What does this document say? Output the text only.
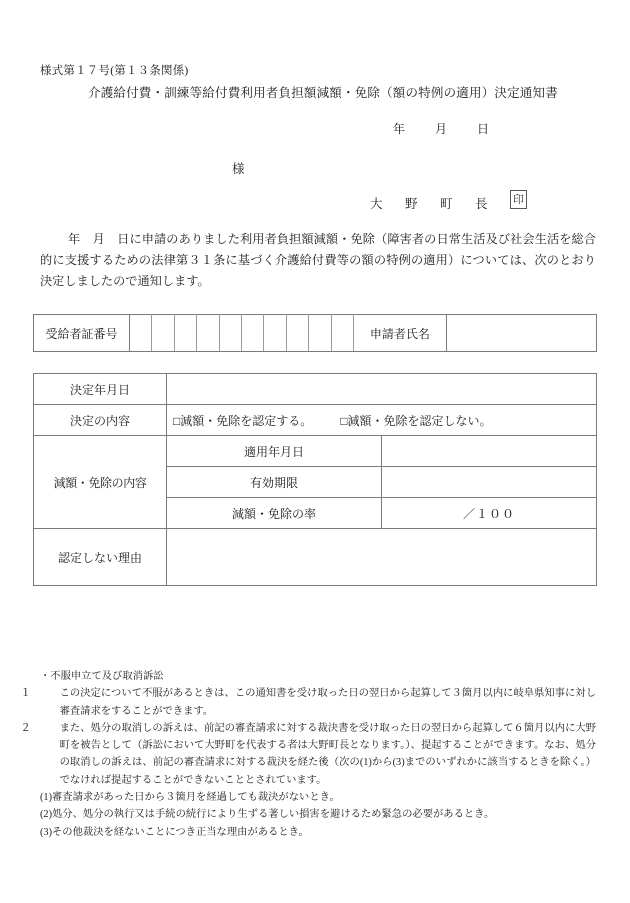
様式第１７号(第１３条関係)
介護給付費・訓練等給付費利用者負担額減額・免除（額の特例の適用）決定通知書
年	月	日
様
大　野　町　長 印
年　月　日に申請のありました利用者負担額減額・免除（障害者の日常生活及び社会生活を総合的に支援するための法律第３１条に基づく介護給付費等の額の特例の適用）については、次のとおり決定しましたので通知します。
受給者証番号											申請者氏名	
決定年月日		
決定の内容	□減額・免除を認定する。 □減額・免除を認定しない。	
減額・免除の内容	適用年月日	
	有効期限	
	減額・免除の率	／１００
認定しない理由		

・不服申立て及び取消訴訟

１	この決定について不服があるときは、この通知書を受け取った日の翌日から起算して３箇月以内に岐阜県知事に対し審査請求をすることができます。

２	また、処分の取消しの訴えは、前記の審査請求に対する裁決書を受け取った日の翌日から起算して６箇月以内に大野町を被告として（訴訟において大野町を代表する者は大野町長となります。）、提起することができます。なお、処分の取消しの訴えは、前記の審査請求に対する裁決を経た後（次の(1)から(3)までのいずれかに該当するときを除く。）でなければ提起することができないこととされています。

(1)審査請求があった日から３箇月を経過しても裁決がないとき。

(2)処分、処分の執行又は手続の続行により生ずる著しい損害を避けるため緊急の必要があるとき。

(3)その他裁決を経ないことにつき正当な理由があるとき。
